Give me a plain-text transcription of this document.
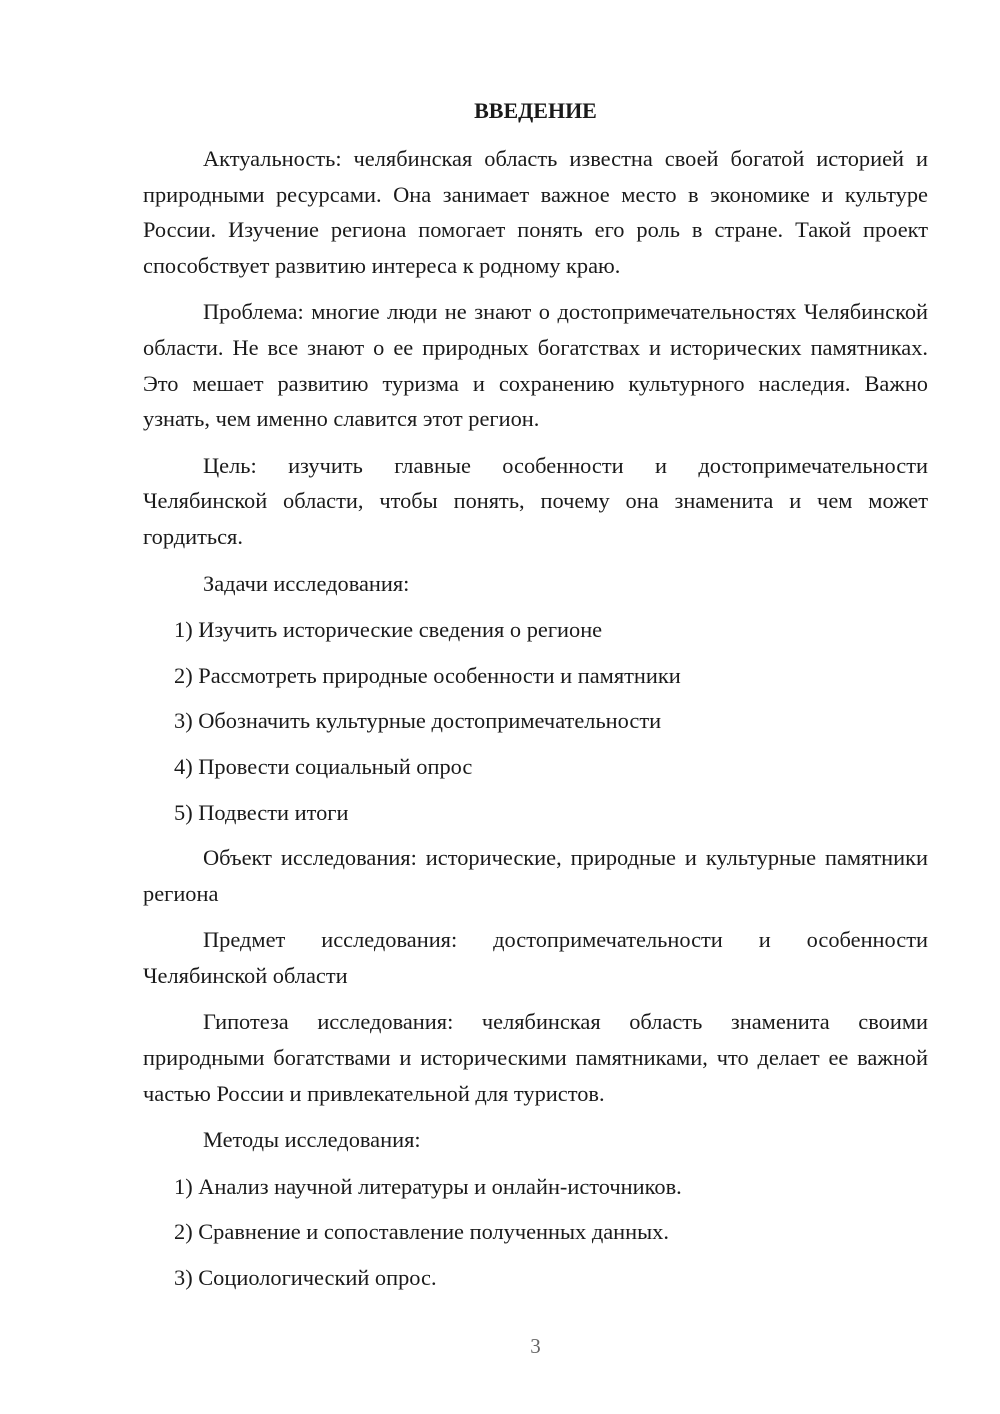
ВВЕДЕНИЕ

Актуальность: челябинская область известна своей богатой историей и природными ресурсами. Она занимает важное место в экономике и культуре России. Изучение региона помогает понять его роль в стране. Такой проект способствует развитию интереса к родному краю.

Проблема: многие люди не знают о достопримечательностях Челябинской области. Не все знают о ее природных богатствах и исторических памятниках. Это мешает развитию туризма и сохранению культурного наследия. Важно узнать, чем именно славится этот регион.

Цель: изучить главные особенности и достопримечательности Челябинской области, чтобы понять, почему она знаменита и чем может гордиться.

Задачи исследования:

1) Изучить исторические сведения о регионе

2) Рассмотреть природные особенности и памятники

3) Обозначить культурные достопримечательности

4) Провести социальный опрос

5) Подвести итоги

Объект исследования: исторические, природные и культурные памятники региона

Предмет исследования: достопримечательности и особенности Челябинской области

Гипотеза исследования: челябинская область знаменита своими природными богатствами и историческими памятниками, что делает ее важной частью России и привлекательной для туристов.

Методы исследования:

1) Анализ научной литературы и онлайн-источников.

2) Сравнение и сопоставление полученных данных.

3) Социологический опрос.

3
